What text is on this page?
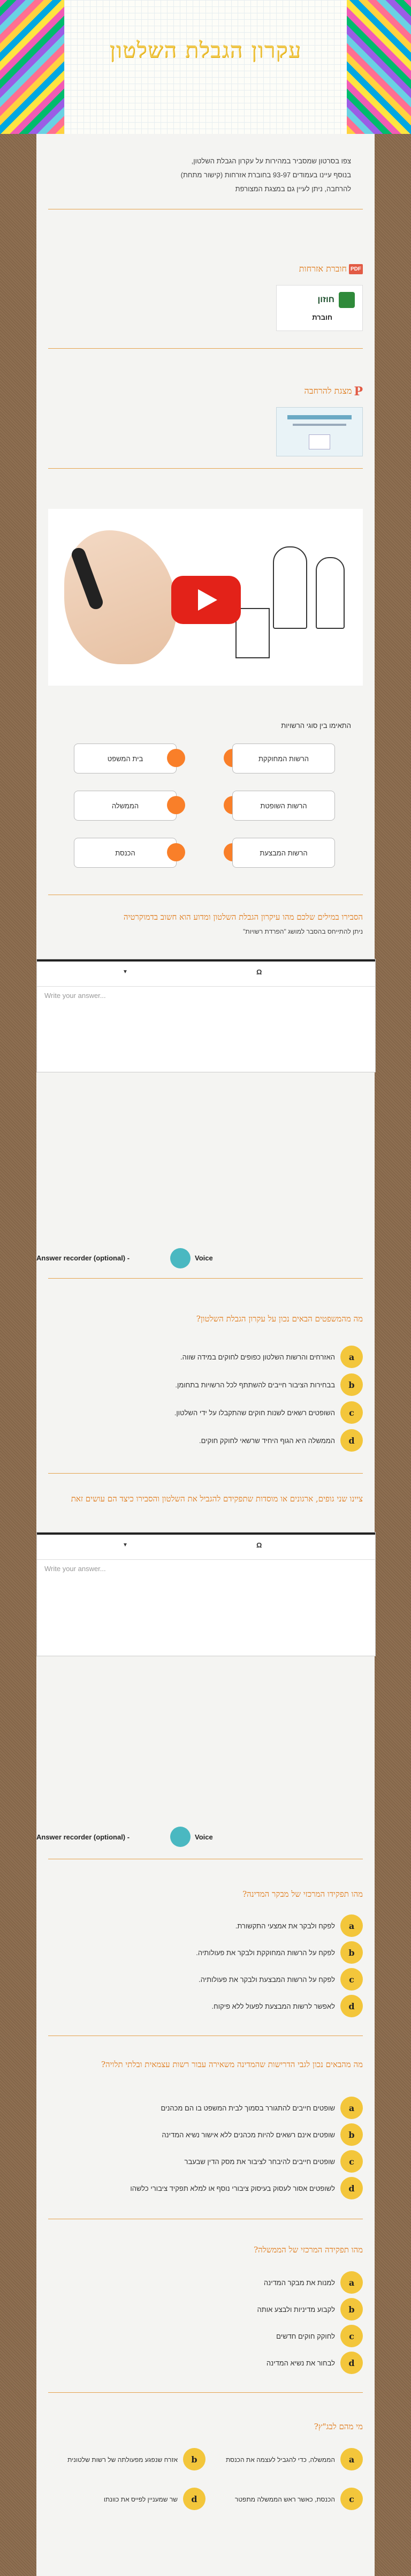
עקרון הגבלת השלטון

צפו בסרטון שמסביר במהירות על עקרון הגבלת השלטון,

בנוסף עיינו בעמודים 93-97 בחוברת אזרחות (קישור מתחת)

להרחבה, ניתן לעיין גם במצגת המצורפת

PDFחוברת אזרחות
חוזון
חוברת
Pמצגת להרחבה
התאימו בין סוגי הרשויות
בית המשפט	הרשות המחוקקת
הממשלה	הרשות השופטת
הכנסת	הרשות המבצעת
הסבירו במילים שלכם מהו עיקרון הגבלת השלטון ומדוע הוא חשוב בדמוקרטיה
ניתן להתייחס בהסבר למושג "הפרדת רשויות"
▼	Ω
Write your answer...
Answer recorder (optional) -	Voice
מה מהמשפטים הבאים נכון על עקרון הגבלת השלטון?
a
האזרחים והרשות השלטון כפופים לחוקים במידה שווה.
b
בבחירות הציבור חייבים להשתתף לכל הרשויות בתחומן.
c
השופטים רשאים לשנות חוקים שהתקבלו על ידי השלטון.
d
הממשלה היא הגוף היחיד שרשאי לחוקק חוקים.
ציינו שני גופים, ארגונים או מוסדות שתפקידם להגביל את השלטון והסבירו כיצד הם עושים זאת
▼	Ω
Write your answer...
Answer recorder (optional) -	Voice
מהו תפקידו המרכזי של מבקר המדינה?
a
לפקח ולבקר את אמצעי התקשורת.
b
לפקח על הרשות המחוקקת ולבקר את פעולותיה.
c
לפקח על הרשות המבצעת ולבקר את פעולותיה.
d
לאפשר לרשות המבצעת לפעול ללא פיקוח.
מה מהבאים נכון לגבי הדרישות שהמדינה משאירה עבור רשות עצמאית ובלתי תלויה?
a
שופטים חייבים להתגורר בסמוך לבית המשפט בו הם מכהנים
b
שופטים אינם רשאים להיות מכהנים ללא אישור נשיא המדינה
c
שופטים חייבים להיבחר לציבור את מסק הדין שבעבר
d
לשופטים אסור לעסוק בעיסוק ציבורי נוסף או למלא תפקיד ציבורי כלשהו
מהו תפקידה המרכזי של הממשלה?
a
למנות את מבקר המדינה
b
לקבוע מדיניות ולבצע אותה
c
לחוקק חוקים חדשים
d
לבחור את נשיא המדינה
מי מהם לבג"ץ?
a
הממשלה, כדי להגביל לעצמה את הכנסת
b
אזרח שנפגע מפעולתה של רשות שלטונית
c
הכנסת, כאשר ראש הממשלה מתפטר
d
שר שמעניין לפייס את כוונתו
